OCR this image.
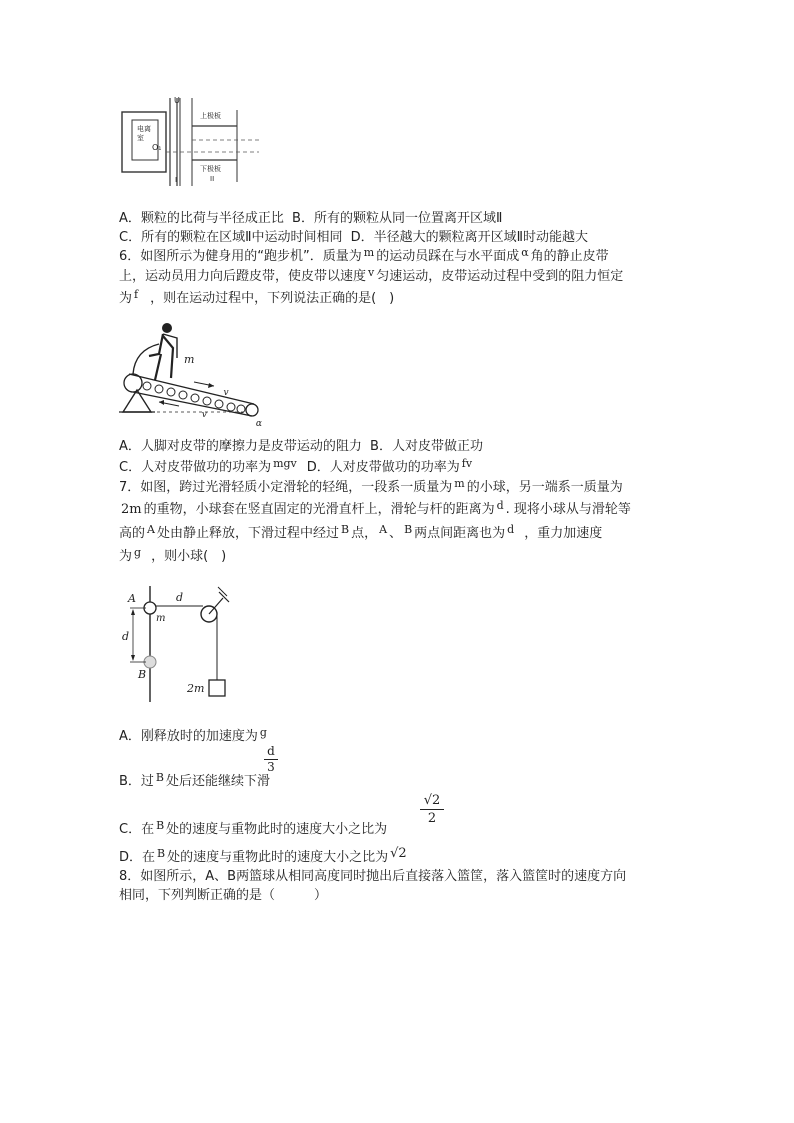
U
电离室
O₁
上极板
下极板
I	II
A．颗粒的比荷与半径成正比 B．所有的颗粒从同一位置离开区域Ⅱ
C．所有的颗粒在区域Ⅱ中运动时间相同 D．半径越大的颗粒离开区域Ⅱ时动能越大
6．如图所示为健身用的“跑步机”．质量为 $^m$ 的运动员踩在与水平面成 $^\alpha$ 角的静止皮带
上，运动员用力向后蹬皮带，使皮带以速度 $^v$ 匀速运动，皮带运动过程中受到的阻力恒定
为 $^f$ ，则在运动过程中，下列说法正确的是(　)
$_m$ $_v$ $_v$ $_\alpha$
A．人脚对皮带的摩擦力是皮带运动的阻力 B．人对皮带做正功
C．人对皮带做功的功率为 $^{mgv}$ D．人对皮带做功的功率为 $^{fv}$
7．如图，跨过光滑轻质小定滑轮的轻绳，一段系一质量为 $^m$ 的小球，另一端系一质量为
2m 的重物，小球套在竖直固定的光滑直杆上，滑轮与杆的距离为 $^d$ . 现将小球从与滑轮等
高的 $^A$ 处由静止释放，下滑过程中经过 $^B$ 点， $^A$ 、 $^B$ 两点间距离也为 $^d$ ，重力加速度
为 $^g$ ，则小球(　)
A	d
m
d
B
2m
A．刚释放时的加速度为 $^g$
B．过 $^B$ 处后还能继续下滑
$\frac{d}{3}$
C．在 $^B$ 处的速度与重物此时的速度大小之比为
$\frac{√2}{2}$
D．在 $^B$ 处的速度与重物此时的速度大小之比为 √2
8．如图所示，A、B两篮球从相同高度同时抛出后直接落入篮筐，落入篮筐时的速度方向
相同，下列判断正确的是（　　　）
